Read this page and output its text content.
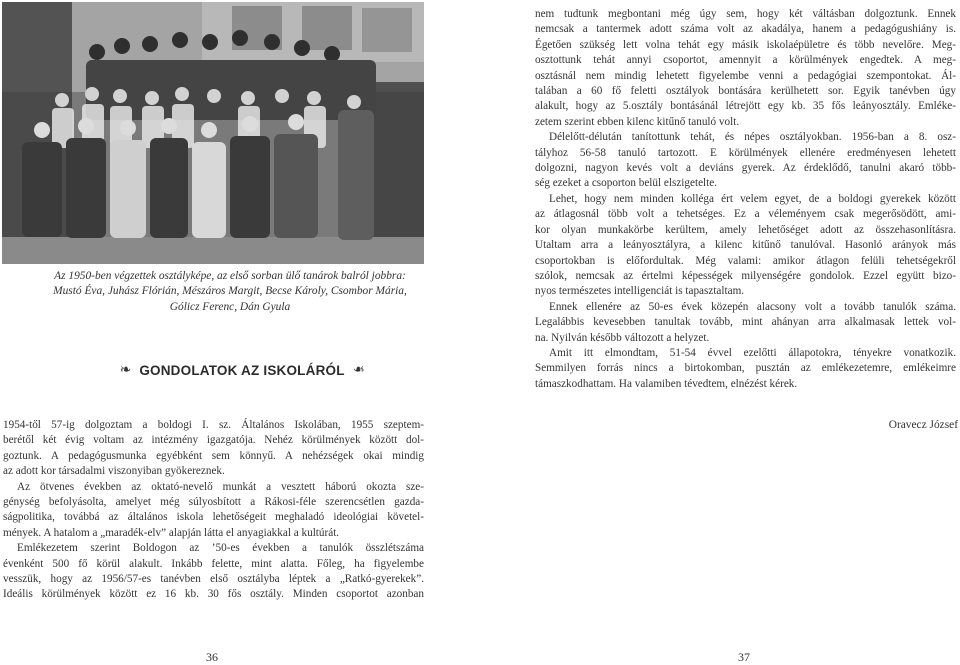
Az 1950-ben végzettek osztályképe, az első sorban ülő tanárok balról jobbra:
Mustó Éva, Juhász Flórián, Mészáros Margit, Becse Károly, Csombor Mária,
Gólicz Ferenc, Dán Gyula
❧ GONDOLATOK AZ ISKOLÁRÓL ❧
1954-től 57-ig dolgoztam a boldogi I. sz. Általános Iskolában, 1955 szeptem-
berétől két évig voltam az intézmény igazgatója. Nehéz körülmények között dol-
goztunk. A pedagógusmunka egyébként sem könnyű. A nehézségek okai mindig
az adott kor társadalmi viszonyiban gyökereznek.
Az ötvenes években az oktató-nevelő munkát a vesztett háború okozta sze-
génység befolyásolta, amelyet még súlyosbított a Rákosi-féle szerencsétlen gazda-
ságpolitika, továbbá az általános iskola lehetőségeit meghaladó ideológiai követel-
mények. A hatalom a „maradék-elv” alapján látta el anyagiakkal a kultúrát.
Emlékezetem szerint Boldogon az ’50-es években a tanulók összlétszáma
évenként 500 fő körül alakult. Inkább felette, mint alatta. Főleg, ha figyelembe
vesszük, hogy az 1956/57-es tanévben első osztályba léptek a „Ratkó-gyerekek”.
Ideális körülmények között ez 16 kb. 30 fős osztály. Minden csoportot azonban
36
nem tudtunk megbontani még úgy sem, hogy két váltásban dolgoztunk. Ennek
nemcsak a tantermek adott száma volt az akadálya, hanem a pedagógushiány is.
Égetően szükség lett volna tehát egy másik iskolaépületre és több nevelőre. Meg-
osztottunk tehát annyi csoportot, amennyit a körülmények engedtek. A meg-
osztásnál nem mindig lehetett figyelembe venni a pedagógiai szempontokat. Ál-
talában a 60 fő feletti osztályok bontására kerülhetett sor. Egyik tanévben úgy
alakult, hogy az 5.osztály bontásánál létrejött egy kb. 35 fős leányosztály. Emléke-
zetem szerint ebben kilenc kitűnő tanuló volt.
Délelőtt-délután tanítottunk tehát, és népes osztályokban. 1956-ban a 8. osz-
tályhoz 56-58 tanuló tartozott. E körülmények ellenére eredményesen lehetett
dolgozni, nagyon kevés volt a deviáns gyerek. Az érdeklődő, tanulni akaró több-
ség ezeket a csoporton belül elszigetelte.
Lehet, hogy nem minden kolléga ért velem egyet, de a boldogi gyerekek között
az átlagosnál több volt a tehetséges. Ez a véleményem csak megerősödött, ami-
kor olyan munkakörbe kerültem, amely lehetőséget adott az összehasonlításra.
Utaltam arra a leányosztályra, a kilenc kitűnő tanulóval. Hasonló arányok más
csoportokban is előfordultak. Még valami: amikor átlagon felüli tehetségekről
szólok, nemcsak az értelmi képességek milyenségére gondolok. Ezzel együtt bizo-
nyos természetes intelligenciát is tapasztaltam.
Ennek ellenére az 50-es évek közepén alacsony volt a tovább tanulók száma.
Legalábbis kevesebben tanultak tovább, mint ahányan arra alkalmasak lettek vol-
na. Nyilván később változott a helyzet.
Amit itt elmondtam, 51-54 évvel ezelőtti állapotokra, tényekre vonatkozik.
Semmilyen forrás nincs a birtokomban, pusztán az emlékezetemre, emlékeimre
támaszkodhattam. Ha valamiben tévedtem, elnézést kérek.
Oravecz József
37
